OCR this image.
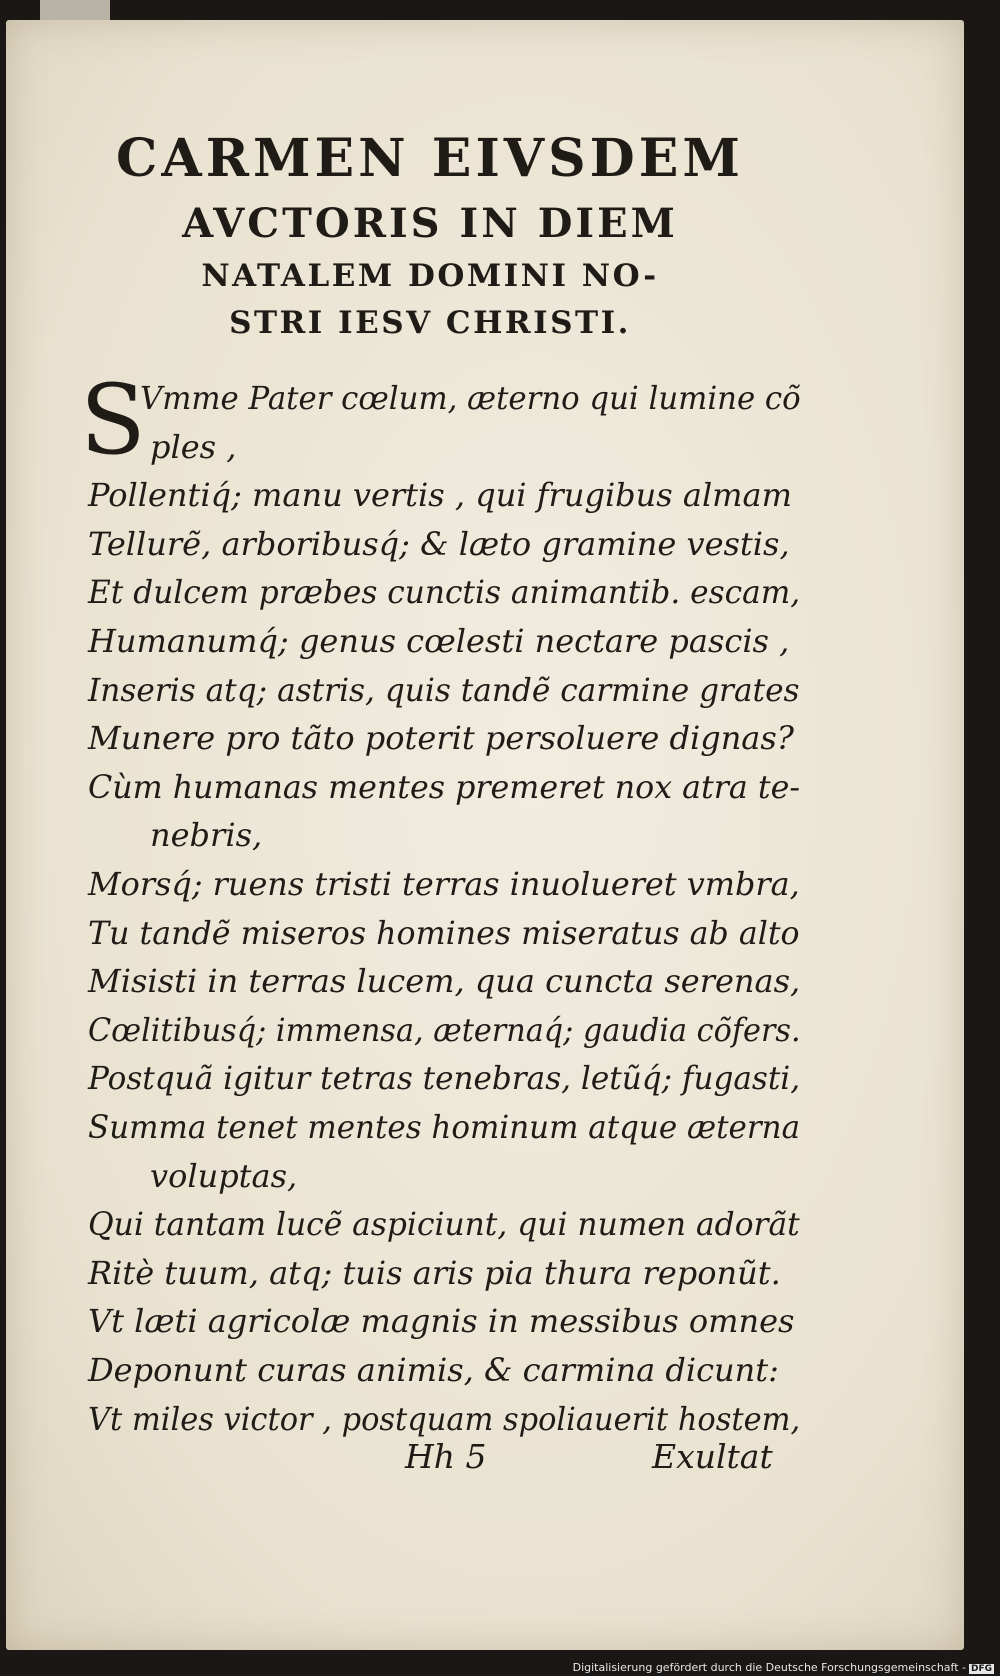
CARMEN EIVSDEM
AVCTORIS IN DIEM
NATALEM DOMINI NO-
STRI IESV CHRISTI.
S
Vmme Pater cœlum, æterno qui lumine cõ
ples ,
Pollentiq́; manu vertis , qui frugibus almam
Tellurẽ, arboribusq́; & læto gramine vestis,
Et dulcem præbes cunctis animantib. escam,
Humanumq́; genus cœlesti nectare pascis ,
Inseris atq; astris, quis tandẽ carmine grates
Munere pro tãto poterit persoluere dignas?
Cùm humanas mentes premeret nox atra te-
nebris,
Morsq́; ruens tristi terras inuolueret vmbra,
Tu tandẽ miseros homines miseratus ab alto
Misisti in terras lucem, qua cuncta serenas,
Cœlitibusq́; immensa, æternaq́; gaudia cõfers.
Postquã igitur tetras tenebras, letũq́; fugasti,
Summa tenet mentes hominum atque æterna
voluptas,
Qui tantam lucẽ aspiciunt, qui numen adorãt
Ritè tuum, atq; tuis aris pia thura reponũt.
Vt læti agricolæ magnis in messibus omnes
Deponunt curas animis, & carmina dicunt:
Vt miles victor , postquam spoliauerit hostem,
Hh 5	Exultat
Digitalisierung gefördert durch die Deutsche Forschungsgemeinschaft - DFG
